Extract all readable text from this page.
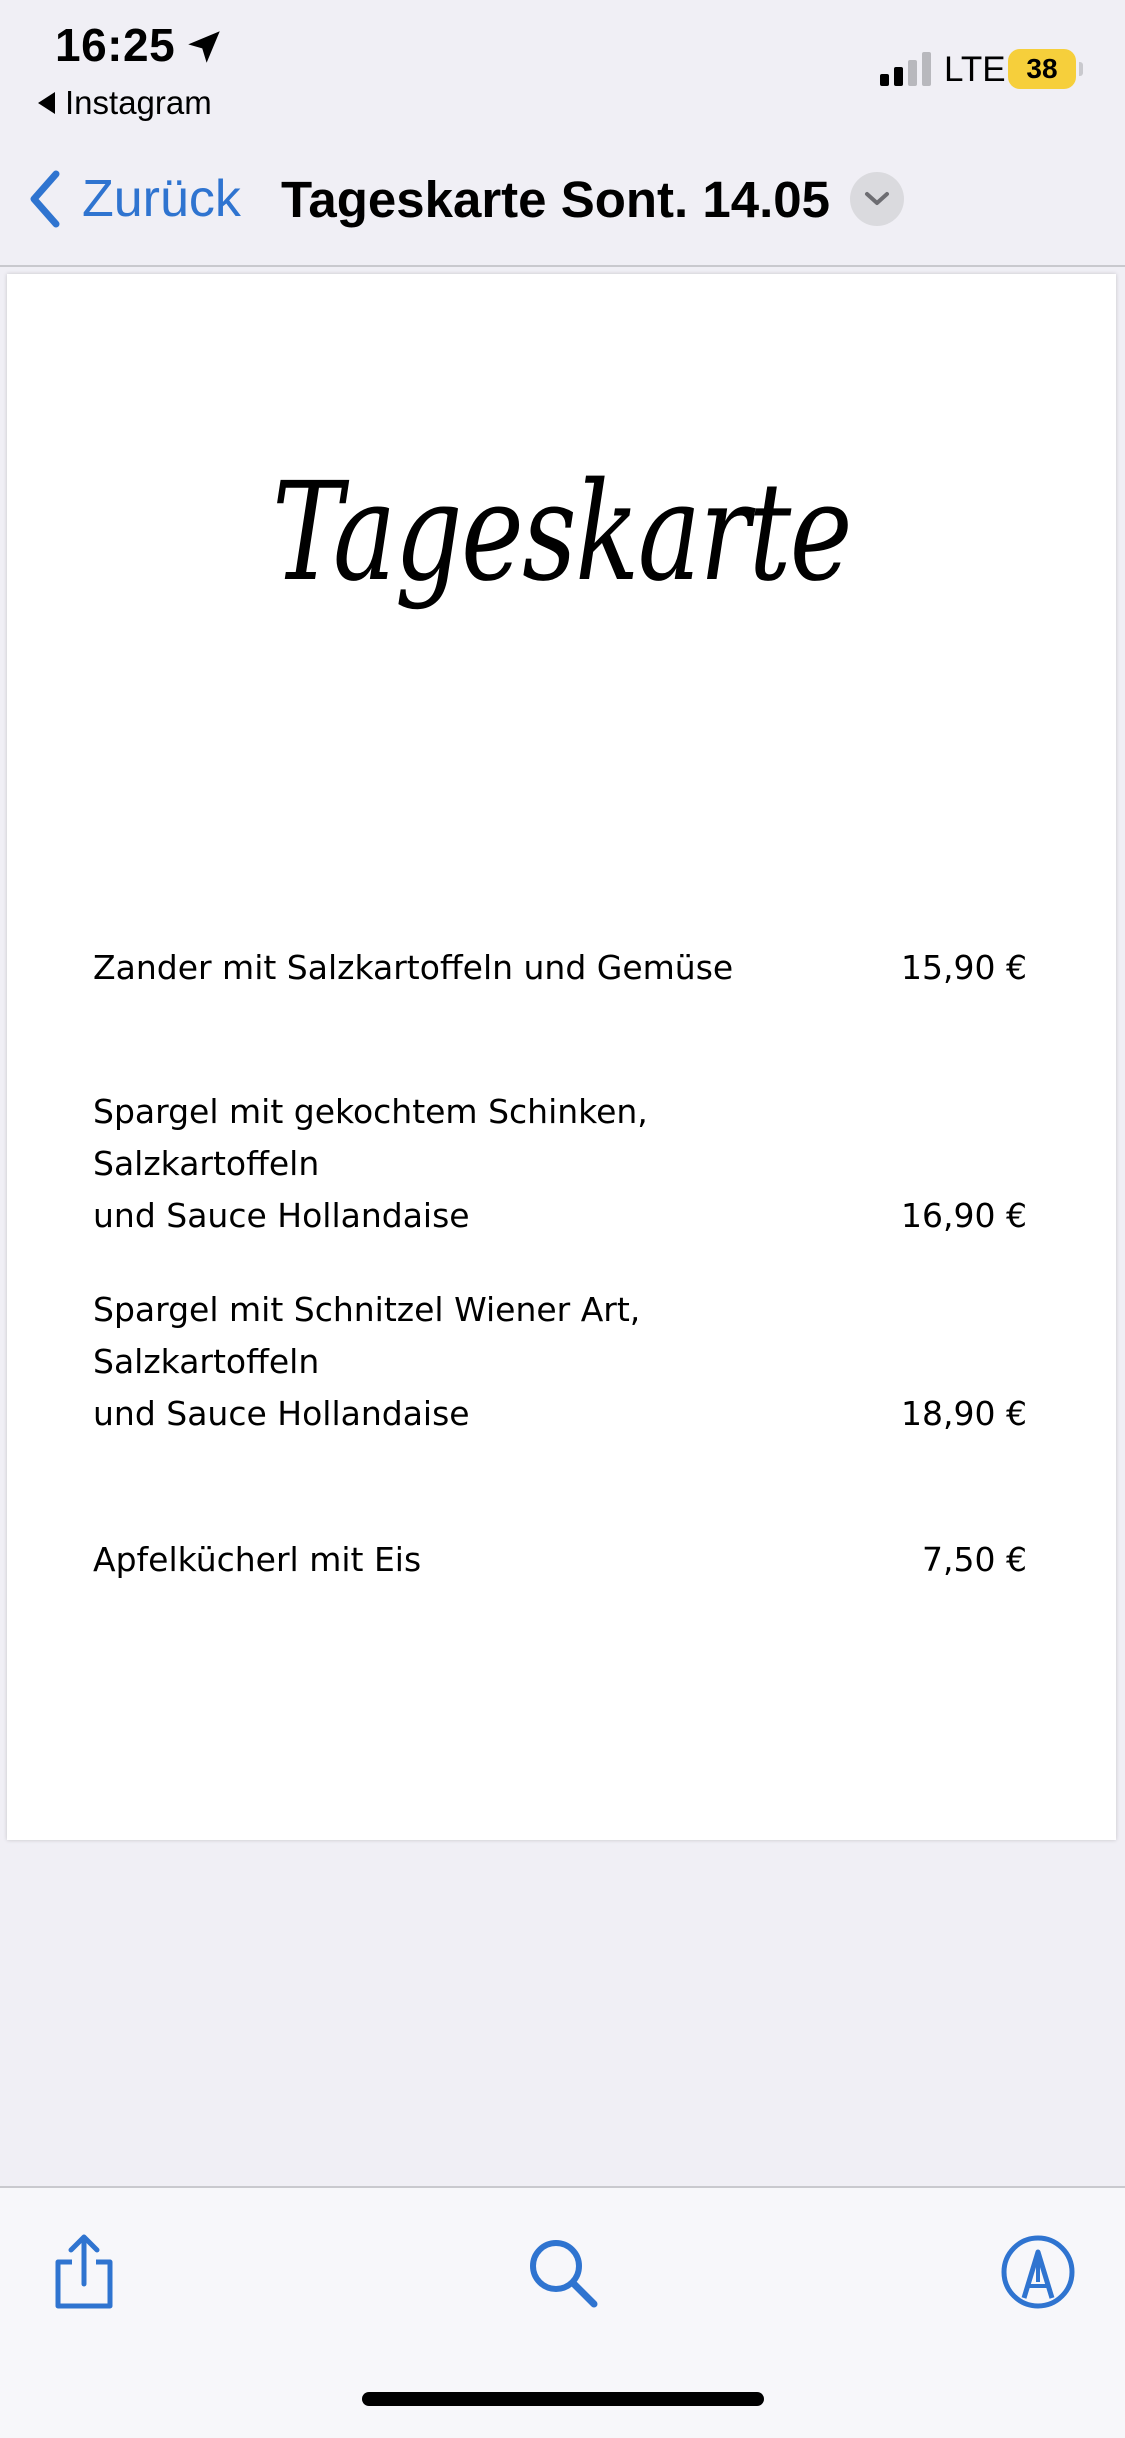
16:25
Instagram
LTE 38
Zurück Tageskarte Sont. 14.05
Tageskarte
Zander mit Salzkartoffeln und Gemüse	15,90 €
Spargel mit gekochtem Schinken, Salzkartoffeln
und Sauce Hollandaise	16,90 €
Spargel mit Schnitzel Wiener Art, Salzkartoffeln
und Sauce Hollandaise	18,90 €
Apfelkücherl mit Eis	7,50 €
